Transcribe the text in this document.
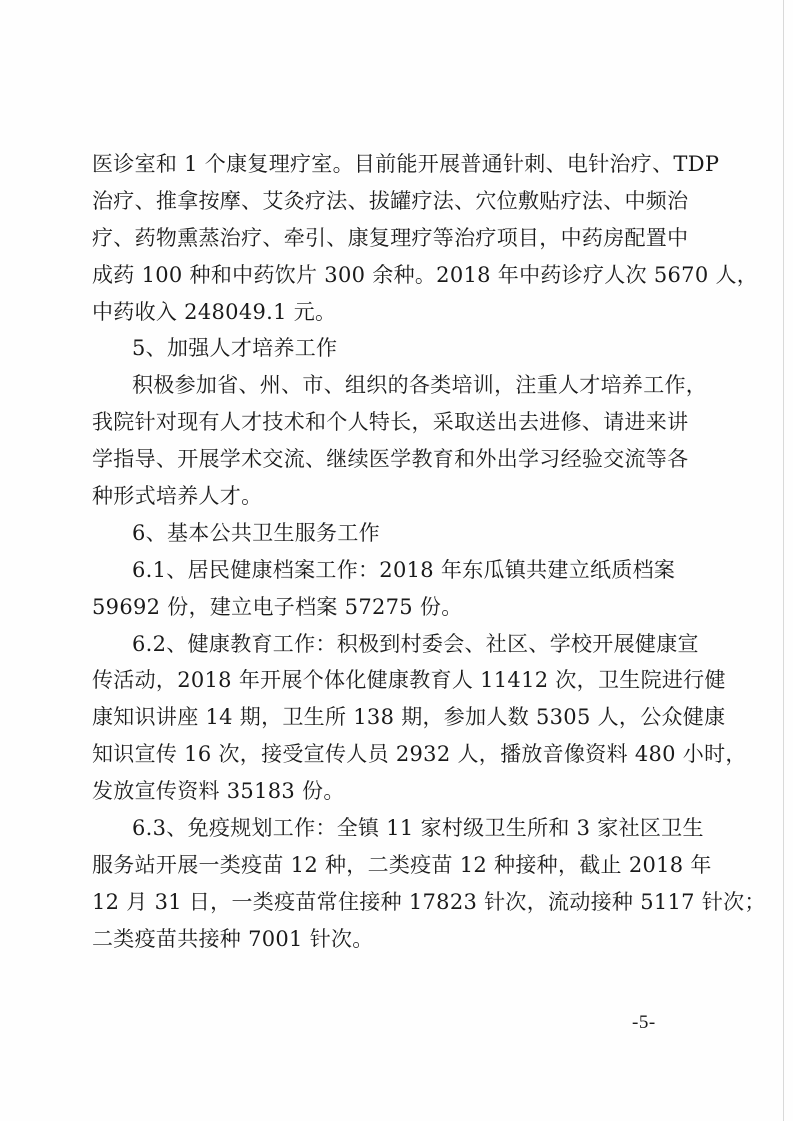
医诊室和 1 个康复理疗室。目前能开展普通针刺、电针治疗、TDP
治疗、推拿按摩、艾灸疗法、拔罐疗法、穴位敷贴疗法、中频治
疗、药物熏蒸治疗、牵引、康复理疗等治疗项目，中药房配置中
成药 100 种和中药饮片 300 余种。2018 年中药诊疗人次 5670 人，
中药收入 248049.1 元。
5、加强人才培养工作
积极参加省、州、市、组织的各类培训，注重人才培养工作，
我院针对现有人才技术和个人特长，采取送出去进修、请进来讲
学指导、开展学术交流、继续医学教育和外出学习经验交流等各
种形式培养人才。
6、基本公共卫生服务工作
6.1、居民健康档案工作：2018 年东瓜镇共建立纸质档案
59692 份，建立电子档案 57275 份。
6.2、健康教育工作：积极到村委会、社区、学校开展健康宣
传活动，2018 年开展个体化健康教育人 11412 次，卫生院进行健
康知识讲座 14 期，卫生所 138 期，参加人数 5305 人，公众健康
知识宣传 16 次，接受宣传人员 2932 人，播放音像资料 480 小时，
发放宣传资料 35183 份。
6.3、免疫规划工作：全镇 11 家村级卫生所和 3 家社区卫生
服务站开展一类疫苗 12 种，二类疫苗 12 种接种，截止 2018 年
12 月 31 日，一类疫苗常住接种 17823 针次，流动接种 5117 针次；
二类疫苗共接种 7001 针次。
-5-
